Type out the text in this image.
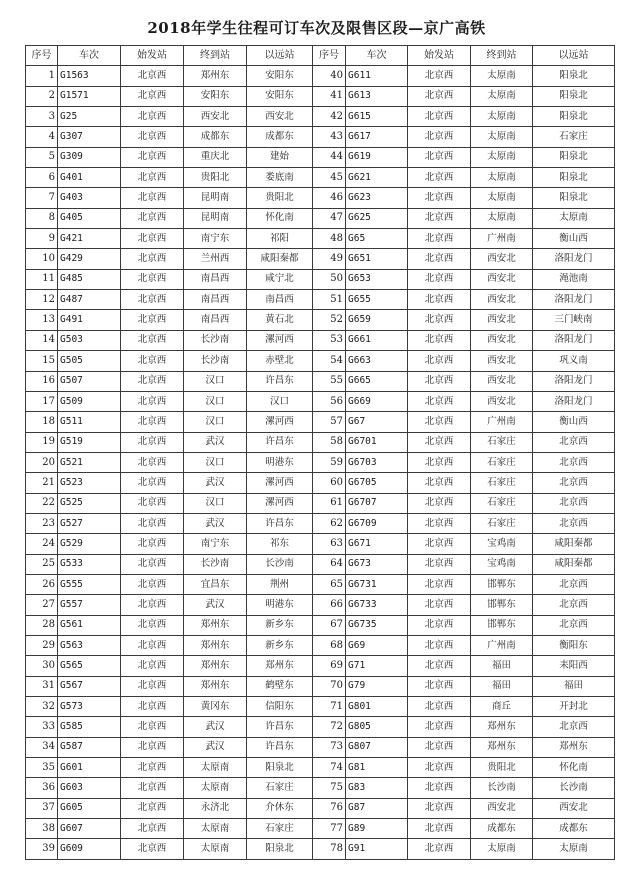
2018年学生往程可订车次及限售区段—京广高铁
序号	车次	始发站	终到站	以远站	序号	车次	始发站	终到站	以远站
1	G1563	北京西	郑州东	安阳东	40	G611	北京西	太原南	阳泉北
2	G1571	北京西	安阳东	安阳东	41	G613	北京西	太原南	阳泉北
3	G25	北京西	西安北	西安北	42	G615	北京西	太原南	阳泉北
4	G307	北京西	成都东	成都东	43	G617	北京西	太原南	石家庄
5	G309	北京西	重庆北	建始	44	G619	北京西	太原南	阳泉北
6	G401	北京西	贵阳北	娄底南	45	G621	北京西	太原南	阳泉北
7	G403	北京西	昆明南	贵阳北	46	G623	北京西	太原南	阳泉北
8	G405	北京西	昆明南	怀化南	47	G625	北京西	太原南	太原南
9	G421	北京西	南宁东	祁阳	48	G65	北京西	广州南	衡山西
10	G429	北京西	兰州西	咸阳秦都	49	G651	北京西	西安北	洛阳龙门
11	G485	北京西	南昌西	咸宁北	50	G653	北京西	西安北	渑池南
12	G487	北京西	南昌西	南昌西	51	G655	北京西	西安北	洛阳龙门
13	G491	北京西	南昌西	黄石北	52	G659	北京西	西安北	三门峡南
14	G503	北京西	长沙南	漯河西	53	G661	北京西	西安北	洛阳龙门
15	G505	北京西	长沙南	赤壁北	54	G663	北京西	西安北	巩义南
16	G507	北京西	汉口	许昌东	55	G665	北京西	西安北	洛阳龙门
17	G509	北京西	汉口	汉口	56	G669	北京西	西安北	洛阳龙门
18	G511	北京西	汉口	漯河西	57	G67	北京西	广州南	衡山西
19	G519	北京西	武汉	许昌东	58	G6701	北京西	石家庄	北京西
20	G521	北京西	汉口	明港东	59	G6703	北京西	石家庄	北京西
21	G523	北京西	武汉	漯河西	60	G6705	北京西	石家庄	北京西
22	G525	北京西	汉口	漯河西	61	G6707	北京西	石家庄	北京西
23	G527	北京西	武汉	许昌东	62	G6709	北京西	石家庄	北京西
24	G529	北京西	南宁东	祁东	63	G671	北京西	宝鸡南	咸阳秦都
25	G533	北京西	长沙南	长沙南	64	G673	北京西	宝鸡南	咸阳秦都
26	G555	北京西	宜昌东	荆州	65	G6731	北京西	邯郸东	北京西
27	G557	北京西	武汉	明港东	66	G6733	北京西	邯郸东	北京西
28	G561	北京西	郑州东	新乡东	67	G6735	北京西	邯郸东	北京西
29	G563	北京西	郑州东	新乡东	68	G69	北京西	广州南	衡阳东
30	G565	北京西	郑州东	郑州东	69	G71	北京西	福田	耒阳西
31	G567	北京西	郑州东	鹤壁东	70	G79	北京西	福田	福田
32	G573	北京西	黄冈东	信阳东	71	G801	北京西	商丘	开封北
33	G585	北京西	武汉	许昌东	72	G805	北京西	郑州东	北京西
34	G587	北京西	武汉	许昌东	73	G807	北京西	郑州东	郑州东
35	G601	北京西	太原南	阳泉北	74	G81	北京西	贵阳北	怀化南
36	G603	北京西	太原南	石家庄	75	G83	北京西	长沙南	长沙南
37	G605	北京西	永济北	介休东	76	G87	北京西	西安北	西安北
38	G607	北京西	太原南	石家庄	77	G89	北京西	成都东	成都东
39	G609	北京西	太原南	阳泉北	78	G91	北京西	太原南	太原南
